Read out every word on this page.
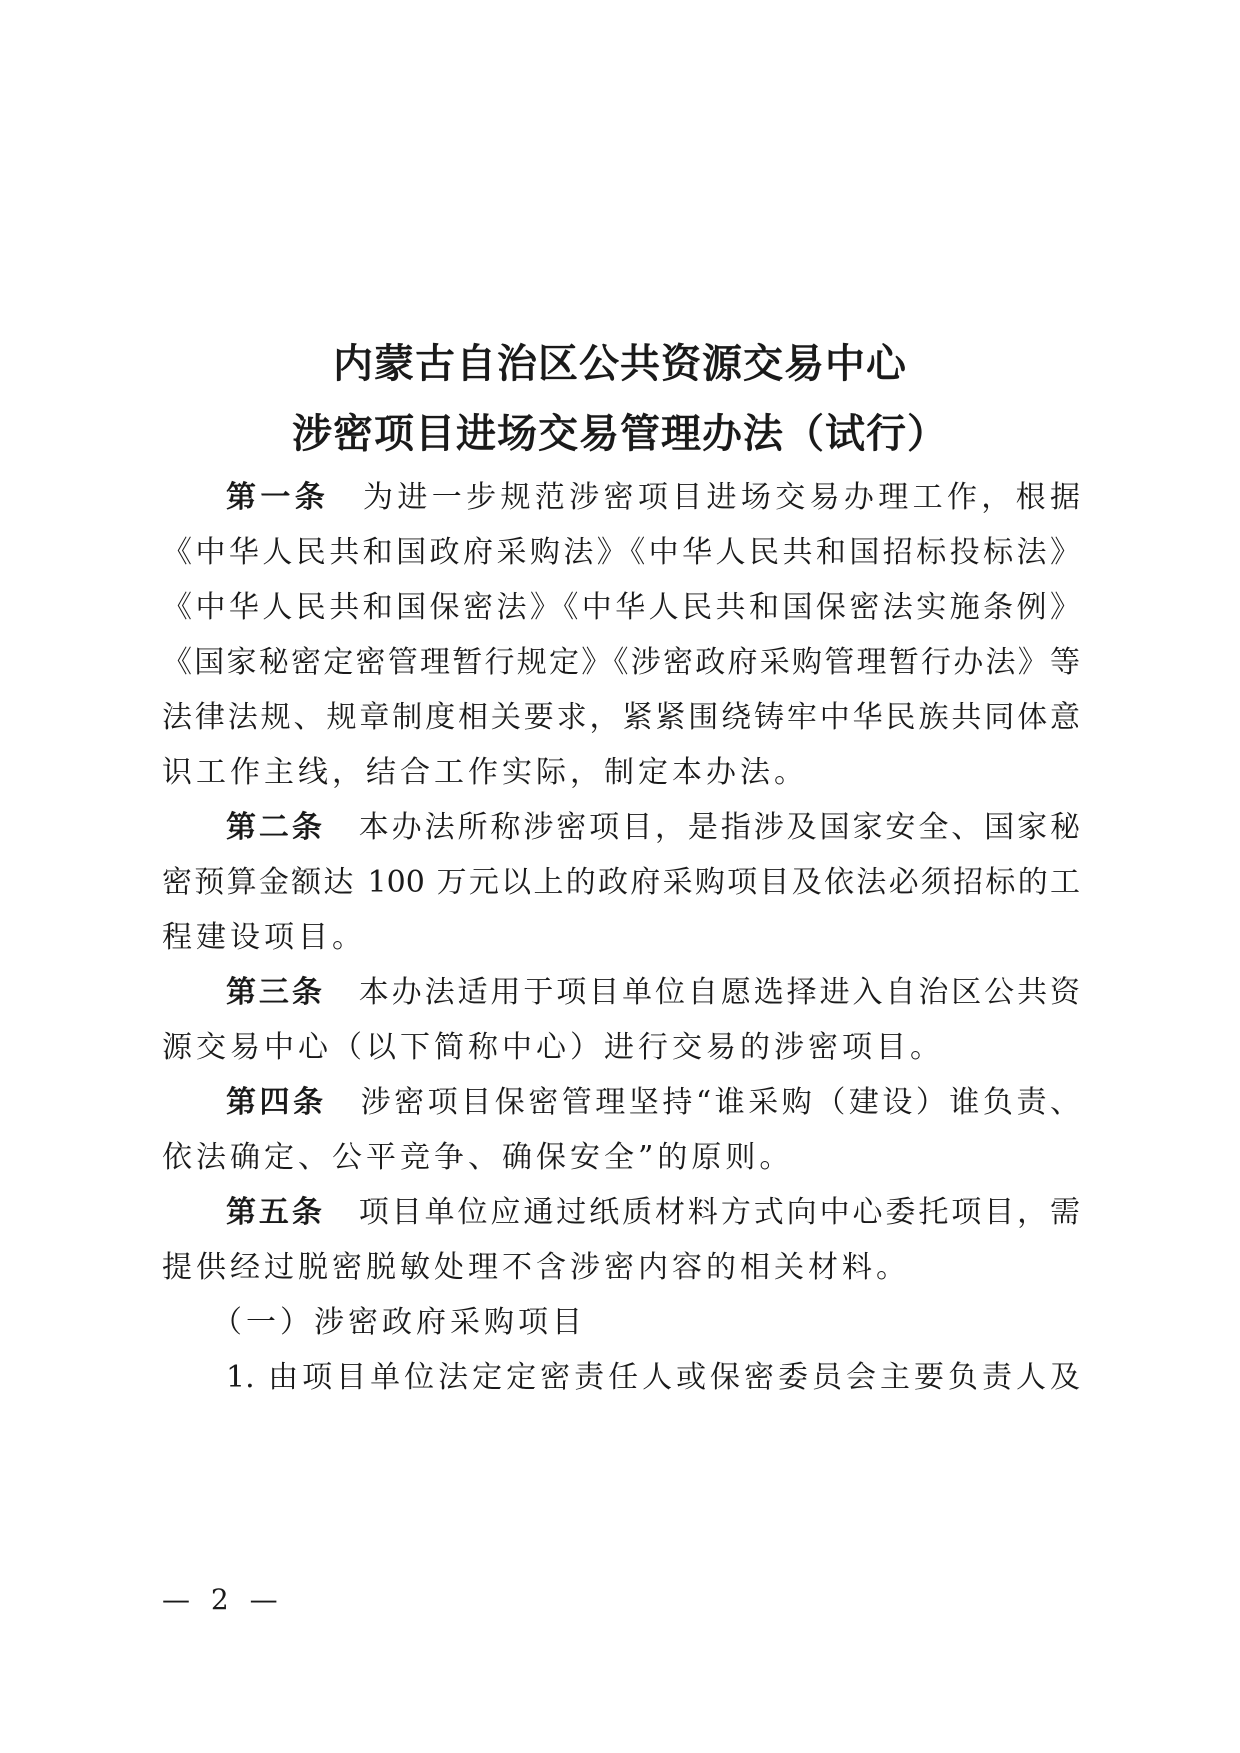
内蒙古自治区公共资源交易中心
涉密项目进场交易管理办法（试行）

第一条 为进一步规范涉密项目进场交易办理工作，根据

《中华人民共和国政府采购法》《中华人民共和国招标投标法》

《中华人民共和国保密法》《中华人民共和国保密法实施条例》

《国家秘密定密管理暂行规定》《涉密政府采购管理暂行办法》等

法律法规、规章制度相关要求，紧紧围绕铸牢中华民族共同体意

识工作主线，结合工作实际，制定本办法。

第二条 本办法所称涉密项目，是指涉及国家安全、国家秘

密预算金额达 100 万元以上的政府采购项目及依法必须招标的工

程建设项目。

第三条 本办法适用于项目单位自愿选择进入自治区公共资

源交易中心（以下简称中心）进行交易的涉密项目。

第四条 涉密项目保密管理坚持“谁采购（建设）谁负责、

依法确定、公平竞争、确保安全”的原则。

第五条 项目单位应通过纸质材料方式向中心委托项目，需

提供经过脱密脱敏处理不含涉密内容的相关材料。

（一）涉密政府采购项目

1. 由项目单位法定定密责任人或保密委员会主要负责人及

— 2 —
